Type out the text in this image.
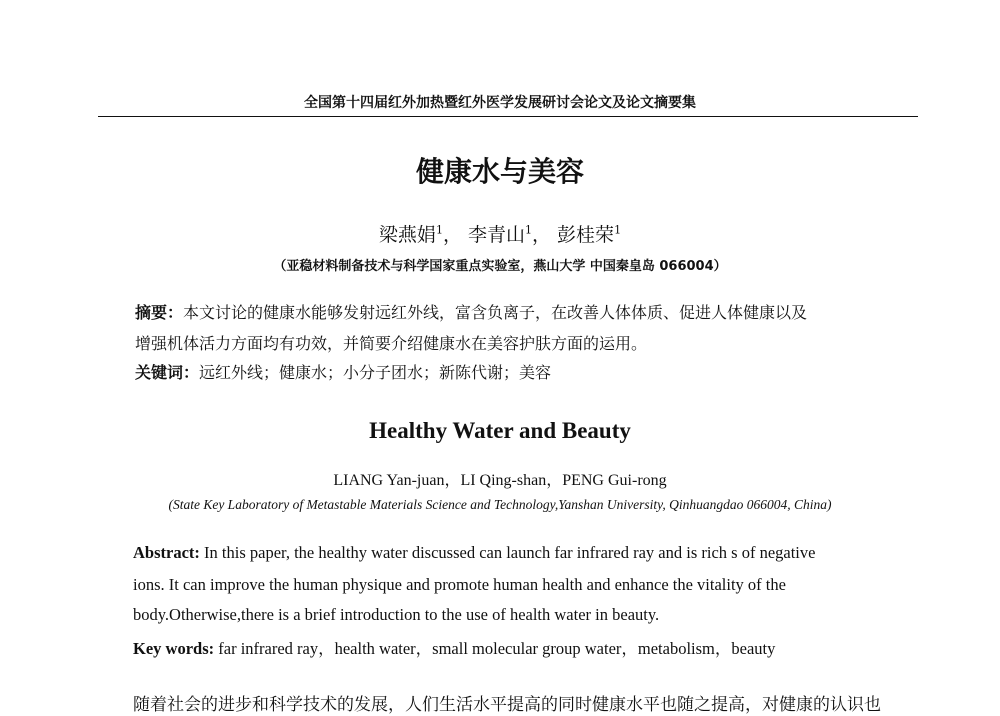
全国第十四届红外加热暨红外医学发展研讨会论文及论文摘要集
健康水与美容
梁燕娟$^1$， 李青山$^1$， 彭桂荣$^1$
（亚稳材料制备技术与科学国家重点实验室，燕山大学 中国秦皇岛 066004）
摘要：本文讨论的健康水能够发射远红外线，富含负离子，在改善人体体质、促进人体健康以及
增强机体活力方面均有功效，并简要介绍健康水在美容护肤方面的运用。
关键词：远红外线；健康水；小分子团水；新陈代谢；美容
Healthy Water and Beauty
LIANG Yan-juan，LI Qing-shan，PENG Gui-rong
(State Key Laboratory of Metastable Materials Science and Technology,Yanshan University, Qinhuangdao 066004, China)
Abstract: In this paper, the healthy water discussed can launch far infrared ray and is rich s of negative
ions. It can improve the human physique and promote human health and enhance the vitality of the
body.Otherwise,there is a brief introduction to the use of health water in beauty.
Key words: far infrared ray，health water，small molecular group water，metabolism，beauty
随着社会的进步和科学技术的发展，人们生活水平提高的同时健康水平也随之提高，对健康的认识也
